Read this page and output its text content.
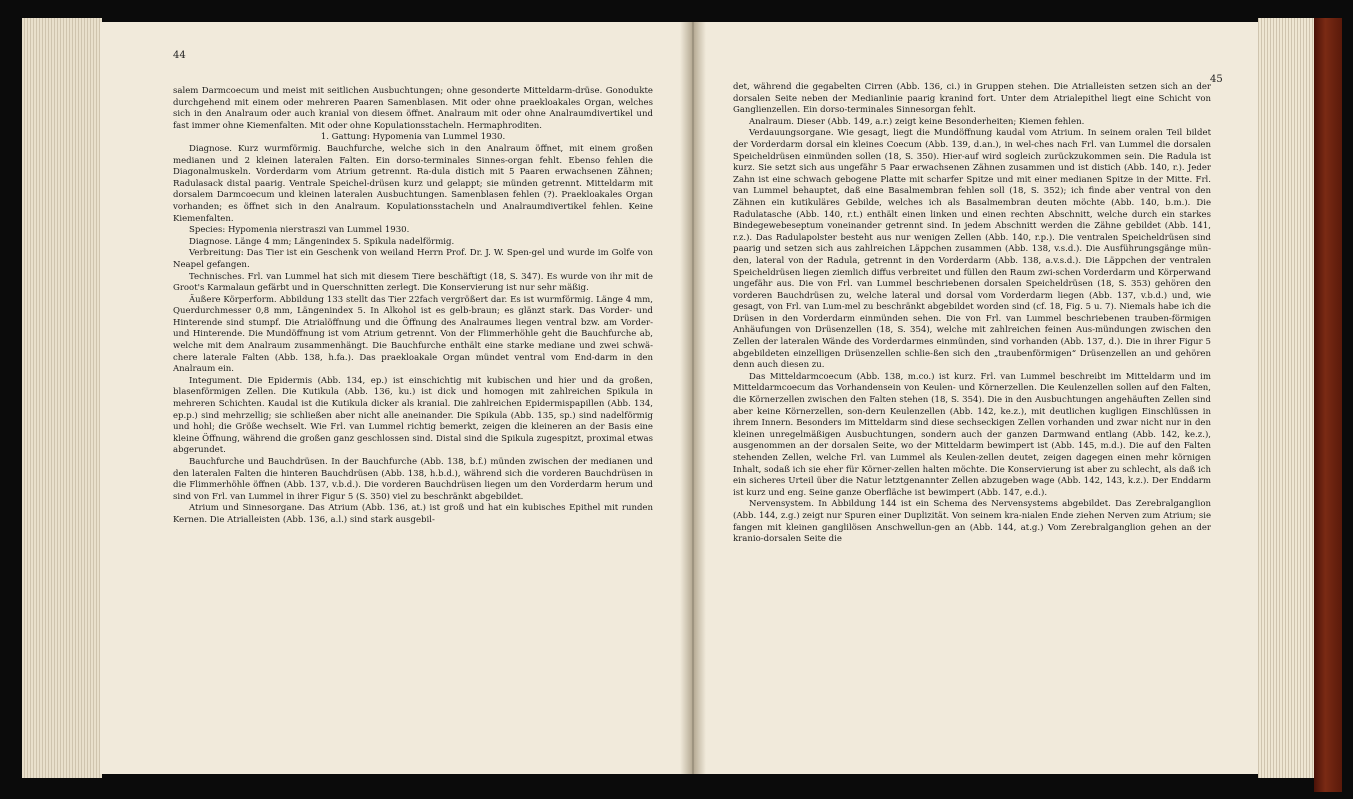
44
45

salem Darmcoecum und meist mit seitlichen Ausbuchtungen; ohne gesonderte Mitteldarm-drüse. Gonodukte durchgehend mit einem oder mehreren Paaren Samenblasen. Mit oder ohne praekloakales Organ, welches sich in den Analraum oder auch kranial von diesem öffnet. Analraum mit oder ohne Analraumdivertikel und fast immer ohne Kiemenfalten. Mit oder ohne Kopulationsstacheln. Hermaphroditen.

1. Gattung: Hypomenia van Lummel 1930.

Diagnose. Kurz wurmförmig. Bauchfurche, welche sich in den Analraum öffnet, mit einem großen medianen und 2 kleinen lateralen Falten. Ein dorso-terminales Sinnes-organ fehlt. Ebenso fehlen die Diagonalmuskeln. Vorderdarm vom Atrium getrennt. Ra-dula distich mit 5 Paaren erwachsenen Zähnen; Radulasack distal paarig. Ventrale Speichel-drüsen kurz und gelappt; sie münden getrennt. Mitteldarm mit dorsalem Darmcoecum und kleinen lateralen Ausbuchtungen. Samenblasen fehlen (?). Praekloakales Organ vorhanden; es öffnet sich in den Analraum. Kopulationsstacheln und Analraumdivertikel fehlen. Keine Kiemenfalten.

Species: Hypomenia nierstraszi van Lummel 1930.

Diagnose. Länge 4 mm; Längenindex 5. Spikula nadelförmig.

Verbreitung: Das Tier ist ein Geschenk von weiland Herrn Prof. Dr. J. W. Spen-gel und wurde im Golfe von Neapel gefangen.

Technisches. Frl. van Lummel hat sich mit diesem Tiere beschäftigt (18, S. 347). Es wurde von ihr mit de Groot's Karmalaun gefärbt und in Querschnitten zerlegt. Die Konservierung ist nur sehr mäßig.

Äußere Körperform. Abbildung 133 stellt das Tier 22fach vergrößert dar. Es ist wurmförmig. Länge 4 mm, Querdurchmesser 0,8 mm, Längenindex 5. In Alkohol ist es gelb-braun; es glänzt stark. Das Vorder- und Hinterende sind stumpf. Die Atrialöffnung und die Öffnung des Analraumes liegen ventral bzw. am Vorder- und Hinterende. Die Mundöffnung ist vom Atrium getrennt. Von der Flimmerhöhle geht die Bauchfurche ab, welche mit dem Analraum zusammenhängt. Die Bauchfurche enthält eine starke mediane und zwei schwä-chere laterale Falten (Abb. 138, h.fa.). Das praekloakale Organ mündet ventral vom End-darm in den Analraum ein.

Integument. Die Epidermis (Abb. 134, ep.) ist einschichtig mit kubischen und hier und da großen, blasenförmigen Zellen. Die Kutikula (Abb. 136, ku.) ist dick und homogen mit zahlreichen Spikula in mehreren Schichten. Kaudal ist die Kutikula dicker als kranial. Die zahlreichen Epidermispapillen (Abb. 134, ep.p.) sind mehrzellig; sie schließen aber nicht alle aneinander. Die Spikula (Abb. 135, sp.) sind nadelförmig und hohl; die Größe wechselt. Wie Frl. van Lummel richtig bemerkt, zeigen die kleineren an der Basis eine kleine Öffnung, während die großen ganz geschlossen sind. Distal sind die Spikula zugespitzt, proximal etwas abgerundet.

Bauchfurche und Bauchdrüsen. In der Bauchfurche (Abb. 138, b.f.) münden zwischen der medianen und den lateralen Falten die hinteren Bauchdrüsen (Abb. 138, h.b.d.), während sich die vorderen Bauchdrüsen in die Flimmerhöhle öffnen (Abb. 137, v.b.d.). Die vorderen Bauchdrüsen liegen um den Vorderdarm herum und sind von Frl. van Lummel in ihrer Figur 5 (S. 350) viel zu beschränkt abgebildet.

Atrium und Sinnesorgane. Das Atrium (Abb. 136, at.) ist groß und hat ein kubisches Epithel mit runden Kernen. Die Atrialleisten (Abb. 136, a.l.) sind stark ausgebil-

det, während die gegabelten Cirren (Abb. 136, ci.) in Gruppen stehen. Die Atrialleisten setzen sich an der dorsalen Seite neben der Medianlinie paarig kranind fort. Unter dem Atrialepithel liegt eine Schicht von Ganglienzellen. Ein dorso-terminales Sinnesorgan fehlt.

Analraum. Dieser (Abb. 149, a.r.) zeigt keine Besonderheiten; Kiemen fehlen.

Verdauungsorgane. Wie gesagt, liegt die Mundöffnung kaudal vom Atrium. In seinem oralen Teil bildet der Vorderdarm dorsal ein kleines Coecum (Abb. 139, d.an.), in wel-ches nach Frl. van Lummel die dorsalen Speicheldrüsen einmünden sollen (18, S. 350). Hier-auf wird sogleich zurückzukommen sein. Die Radula ist kurz. Sie setzt sich aus ungefähr 5 Paar erwachsenen Zähnen zusammen und ist distich (Abb. 140, r.). Jeder Zahn ist eine schwach gebogene Platte mit scharfer Spitze und mit einer medianen Spitze in der Mitte. Frl. van Lummel behauptet, daß eine Basalmembran fehlen soll (18, S. 352); ich finde aber ventral von den Zähnen ein kutikuläres Gebilde, welches ich als Basalmembran deuten möchte (Abb. 140, b.m.). Die Radulatasche (Abb. 140, r.t.) enthält einen linken und einen rechten Abschnitt, welche durch ein starkes Bindegewebeseptum voneinander getrennt sind. In jedem Abschnitt werden die Zähne gebildet (Abb. 141, r.z.). Das Radulapolster besteht aus nur wenigen Zellen (Abb. 140, r.p.). Die ventralen Speicheldrüsen sind paarig und setzen sich aus zahlreichen Läppchen zusammen (Abb. 138, v.s.d.). Die Ausführungsgänge mün-den, lateral von der Radula, getrennt in den Vorderdarm (Abb. 138, a.v.s.d.). Die Läppchen der ventralen Speicheldrüsen liegen ziemlich diffus verbreitet und füllen den Raum zwi-schen Vorderdarm und Körperwand ungefähr aus. Die von Frl. van Lummel beschriebenen dorsalen Speicheldrüsen (18, S. 353) gehören den vorderen Bauchdrüsen zu, welche lateral und dorsal vom Vorderdarm liegen (Abb. 137, v.b.d.) und, wie gesagt, von Frl. van Lum-mel zu beschränkt abgebildet worden sind (cf. 18, Fig. 5 u. 7). Niemals habe ich die Drüsen in den Vorderdarm einmünden sehen. Die von Frl. van Lummel beschriebenen trauben-förmigen Anhäufungen von Drüsenzellen (18, S. 354), welche mit zahlreichen feinen Aus-mündungen zwischen den Zellen der lateralen Wände des Vorderdarmes einmünden, sind vorhanden (Abb. 137, d.). Die in ihrer Figur 5 abgebildeten einzelligen Drüsenzellen schlie-ßen sich den „traubenförmigen“ Drüsenzellen an und gehören denn auch diesen zu.

Das Mitteldarmcoecum (Abb. 138, m.co.) ist kurz. Frl. van Lummel beschreibt im Mitteldarm und im Mitteldarmcoecum das Vorhandensein von Keulen- und Körnerzellen. Die Keulenzellen sollen auf den Falten, die Körnerzellen zwischen den Falten stehen (18, S. 354). Die in den Ausbuchtungen angehäuften Zellen sind aber keine Körnerzellen, son-dern Keulenzellen (Abb. 142, ke.z.), mit deutlichen kugligen Einschlüssen in ihrem Innern. Besonders im Mitteldarm sind diese sechseckigen Zellen vorhanden und zwar nicht nur in den kleinen unregelmäßigen Ausbuchtungen, sondern auch der ganzen Darmwand entlang (Abb. 142, ke.z.), ausgenommen an der dorsalen Seite, wo der Mitteldarm bewimpert ist (Abb. 145, m.d.). Die auf den Falten stehenden Zellen, welche Frl. van Lummel als Keulen-zellen deutet, zeigen dagegen einen mehr körnigen Inhalt, sodaß ich sie eher für Körner-zellen halten möchte. Die Konservierung ist aber zu schlecht, als daß ich ein sicheres Urteil über die Natur letztgenannter Zellen abzugeben wage (Abb. 142, 143, k.z.). Der Enddarm ist kurz und eng. Seine ganze Oberfläche ist bewimpert (Abb. 147, e.d.).

Nervensystem. In Abbildung 144 ist ein Schema des Nervensystems abgebildet. Das Zerebralganglion (Abb. 144, z.g.) zeigt nur Spuren einer Duplizität. Von seinem kra-nialen Ende ziehen Nerven zum Atrium; sie fangen mit kleinen ganglilösen Anschwellun-gen an (Abb. 144, at.g.) Vom Zerebralganglion gehen an der kranio-dorsalen Seite die
